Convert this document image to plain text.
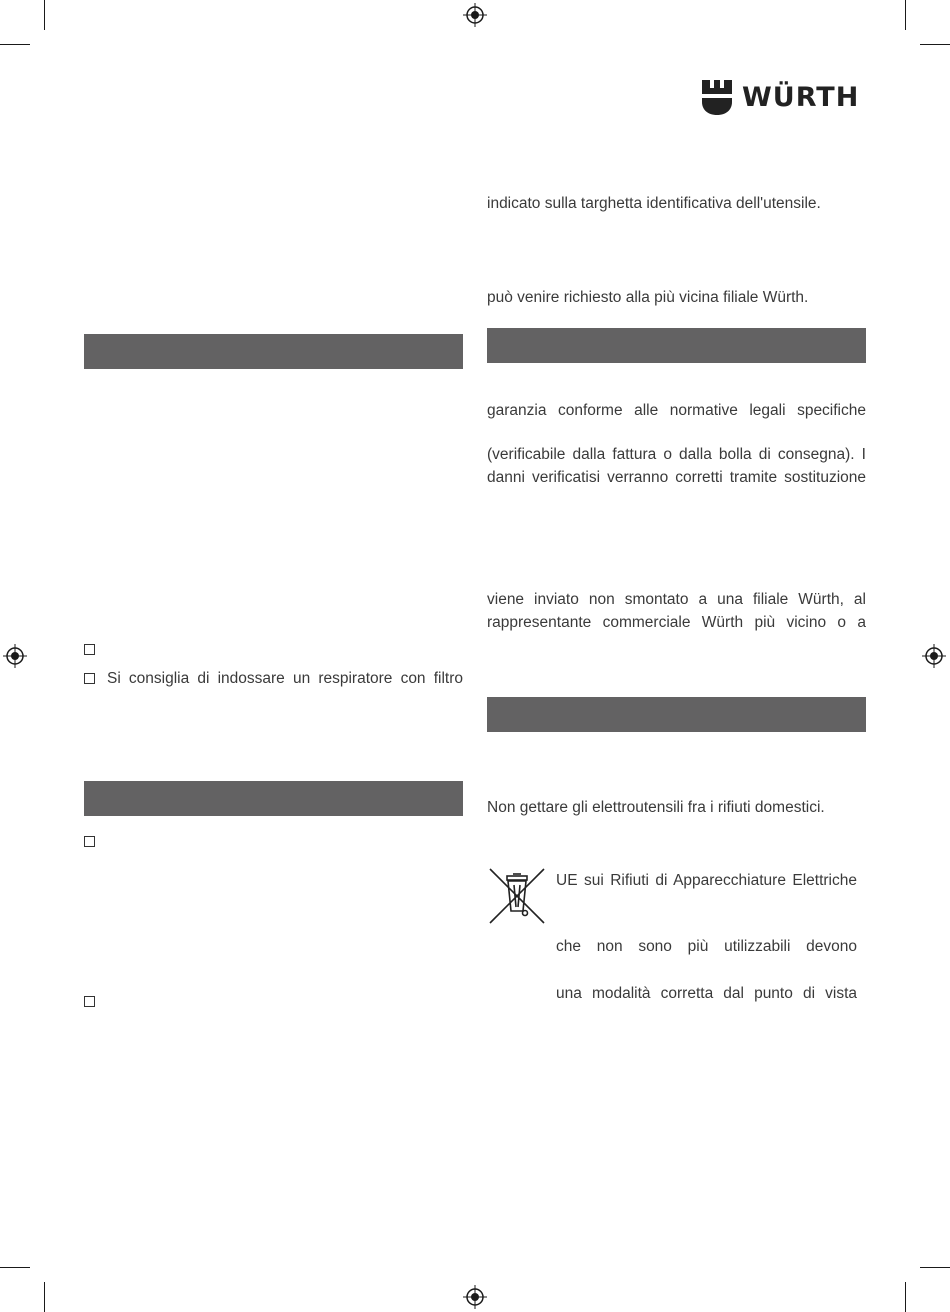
WÜRTH
Si consiglia di indossare un respiratore con filtro
indicato sulla targhetta identificativa dell'utensile.
può venire richiesto alla più vicina filiale Würth.
garanzia conforme alle normative legali specifiche
(verificabile dalla fattura o dalla bolla di consegna). I
danni verificatisi verranno corretti tramite sostituzione
viene inviato non smontato a una filiale Würth, al
rappresentante commerciale Würth più vicino o a
Non gettare gli elettroutensili fra i rifiuti domestici.
UE sui Rifiuti di Apparecchiature Elettriche
che non sono più utilizzabili devono
una modalità corretta dal punto di vista
